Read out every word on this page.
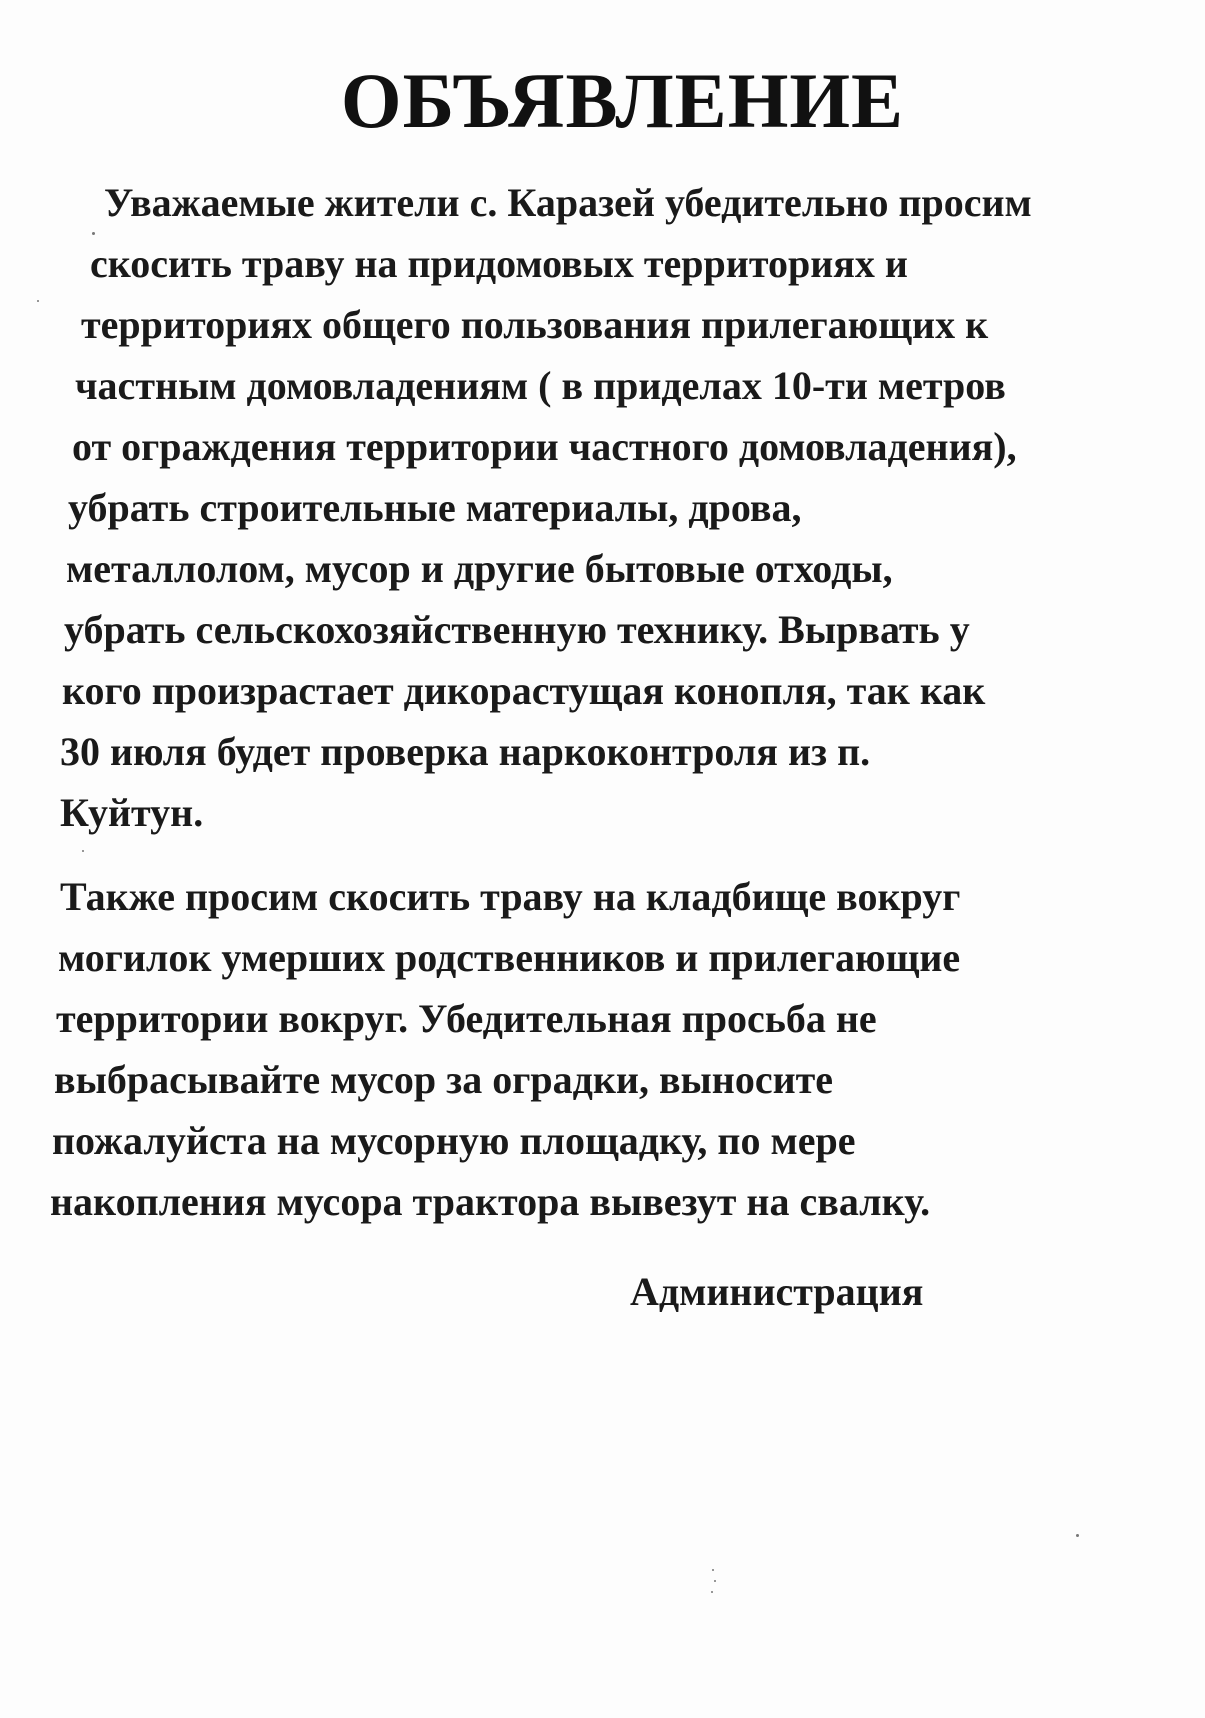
ОБЪЯВЛЕНИЕ
Уважаемые жители с. Каразей убедительно просим
скосить траву на придомовых территориях и
территориях общего пользования прилегающих к
частным домовладениям ( в приделах 10-ти метров
от ограждения территории частного домовладения),
убрать строительные материалы, дрова,
металлолом, мусор и другие бытовые отходы,
убрать сельскохозяйственную технику. Вырвать у
кого произрастает дикорастущая конопля, так как
30 июля будет проверка наркоконтроля из п.
Куйтун.
Также просим скосить траву на кладбище вокруг
могилок умерших родственников и прилегающие
территории вокруг. Убедительная просьба не
выбрасывайте мусор за оградки, выносите
пожалуйста на мусорную площадку, по мере
накопления мусора трактора вывезут на свалку.
Администрация
